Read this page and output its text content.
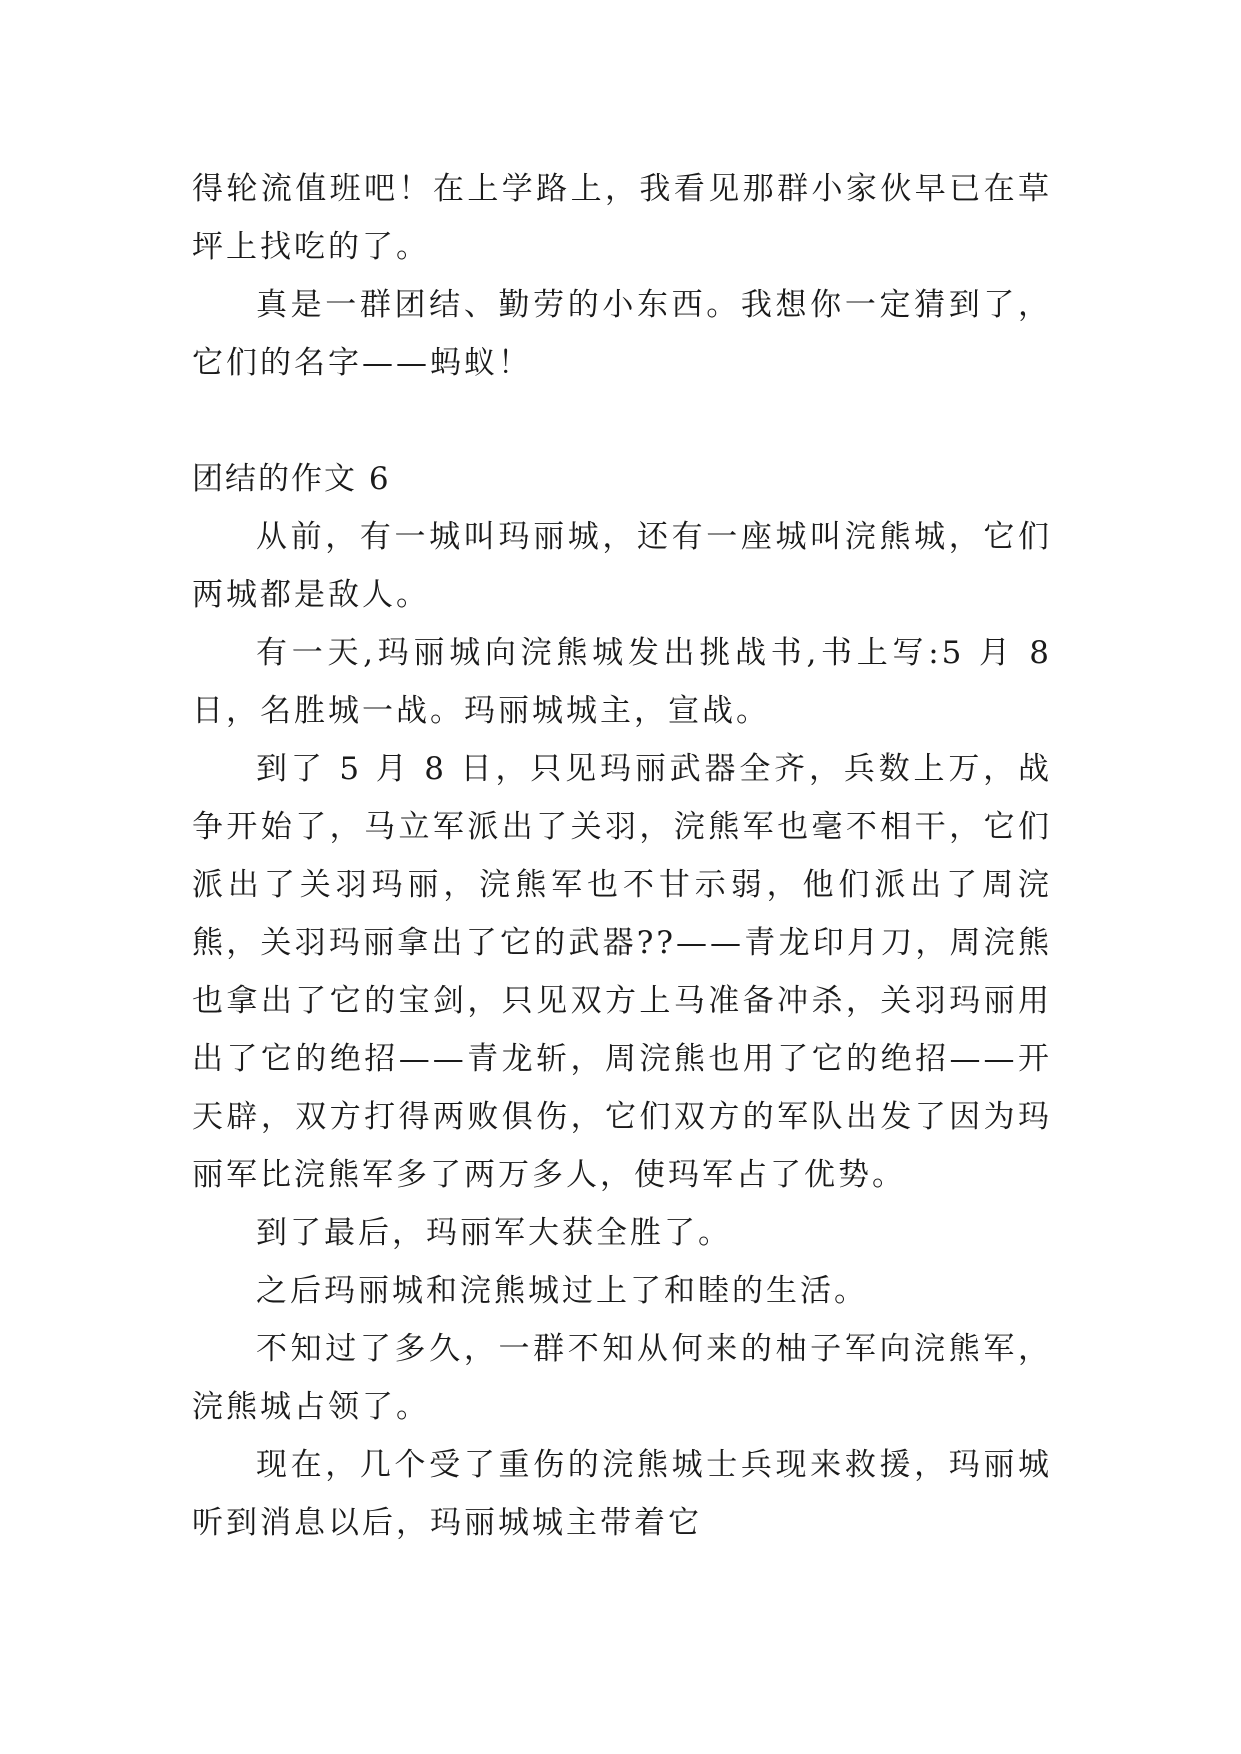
得轮流值班吧！在上学路上，我看见那群小家伙早已在草坪上找吃的了。

真是一群团结、勤劳的小东西。我想你一定猜到了，它们的名字——蚂蚁！

团结的作文 6

从前，有一城叫玛丽城，还有一座城叫浣熊城，它们两城都是敌人。

有一天,玛丽城向浣熊城发出挑战书,书上写:5 月 8 日，名胜城一战。玛丽城城主，宣战。

到了 5 月 8 日，只见玛丽武器全齐，兵数上万，战争开始了，马立军派出了关羽，浣熊军也毫不相干，它们派出了关羽玛丽，浣熊军也不甘示弱，他们派出了周浣熊，关羽玛丽拿出了它的武器??——青龙印月刀，周浣熊也拿出了它的宝剑，只见双方上马准备冲杀，关羽玛丽用出了它的绝招——青龙斩，周浣熊也用了它的绝招——开天辟，双方打得两败俱伤，它们双方的军队出发了因为玛丽军比浣熊军多了两万多人，使玛军占了优势。

到了最后，玛丽军大获全胜了。

之后玛丽城和浣熊城过上了和睦的生活。

不知过了多久，一群不知从何来的柚子军向浣熊军，浣熊城占领了。

现在，几个受了重伤的浣熊城士兵现来救援，玛丽城听到消息以后，玛丽城城主带着它
